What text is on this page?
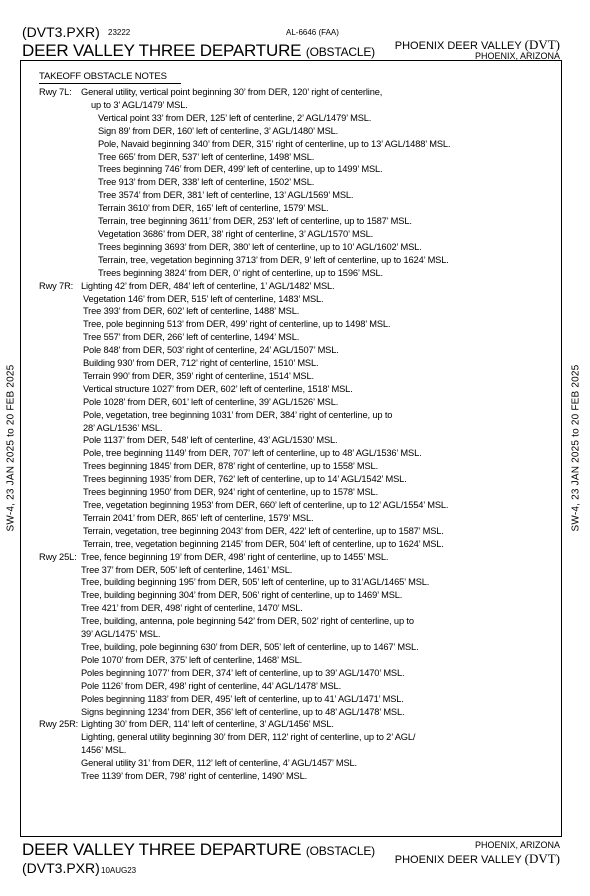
(DVT3.PXR) 23222	AL-6646 (FAA)
DEER VALLEY THREE DEPARTURE (OBSTACLE) PHOENIX DEER VALLEY (DVT)
PHOENIX, ARIZONA
SW-4, 23 JAN 2025 to 20 FEB 2025	SW-4, 23 JAN 2025 to 20 FEB 2025
TAKEOFF OBSTACLE NOTES
Rwy 7L:	General utility, vertical point beginning 30’ from DER, 120’ right of centerline,
up to 3’ AGL/1479’ MSL.
Vertical point 33’ from DER, 125’ left of centerline, 2’ AGL/1479’ MSL.
Sign 89’ from DER, 160’ left of centerline, 3’ AGL/1480’ MSL.
Pole, Navaid beginning 340’ from DER, 315’ right of centerline, up to 13’ AGL/1488’ MSL.
Tree 665’ from DER, 537’ left of centerline, 1498’ MSL.
Trees beginning 746’ from DER, 499’ left of centerline, up to 1499’ MSL.
Tree 913’ from DER, 338’ left of centerline, 1502’ MSL.
Tree 3574’ from DER, 381’ left of centerline, 13’ AGL/1569’ MSL.
Terrain 3610’ from DER, 165’ left of centerline, 1579’ MSL.
Terrain, tree beginning 3611’ from DER, 253’ left of centerline, up to 1587’ MSL.
Vegetation 3686’ from DER, 38’ right of centerline, 3’ AGL/1570’ MSL.
Trees beginning 3693’ from DER, 380’ left of centerline, up to 10’ AGL/1602’ MSL.
Terrain, tree, vegetation beginning 3713’ from DER, 9’ left of centerline, up to 1624’ MSL.
Trees beginning 3824’ from DER, 0’ right of centerline, up to 1596’ MSL.
Rwy 7R: Lighting 42’ from DER, 484’ left of centerline, 1’ AGL/1482’ MSL.
Vegetation 146’ from DER, 515’ left of centerline, 1483’ MSL.
Tree 393’ from DER, 602’ left of centerline, 1488’ MSL.
Tree, pole beginning 513’ from DER, 499’ right of centerline, up to 1498’ MSL.
Tree 557’ from DER, 266’ left of centerline, 1494’ MSL.
Pole 848’ from DER, 503’ right of centerline, 24’ AGL/1507’ MSL.
Building 930’ from DER, 712’ right of centerline, 1510’ MSL.
Terrain 990’ from DER, 359’ right of centerline, 1514’ MSL.
Vertical structure 1027’ from DER, 602’ left of centerline, 1518’ MSL.
Pole 1028’ from DER, 601’ left of centerline, 39’ AGL/1526’ MSL.
Pole, vegetation, tree beginning 1031’ from DER, 384’ right of centerline, up to
28’ AGL/1536’ MSL.
Pole 1137’ from DER, 548’ left of centerline, 43’ AGL/1530’ MSL.
Pole, tree beginning 1149’ from DER, 707’ left of centerline, up to 48’ AGL/1536’ MSL.
Trees beginning 1845’ from DER, 878’ right of centerline, up to 1558’ MSL.
Trees beginning 1935’ from DER, 762’ left of centerline, up to 14’ AGL/1542’ MSL.
Trees beginning 1950’ from DER, 924’ right of centerline, up to 1578’ MSL.
Tree, vegetation beginning 1953’ from DER, 660’ left of centerline, up to 12’ AGL/1554’ MSL.
Terrain 2041’ from DER, 865’ left of centerline, 1579’ MSL.
Terrain, vegetation, tree beginning 2043’ from DER, 422’ left of centerline, up to 1587’ MSL.
Terrain, tree, vegetation beginning 2145’ from DER, 504’ left of centerline, up to 1624’ MSL.
Rwy 25L: Tree, fence beginning 19’ from DER, 498’ right of centerline, up to 1455’ MSL.
Tree 37’ from DER, 505’ left of centerline, 1461’ MSL.
Tree, building beginning 195’ from DER, 505’ left of centerline, up to 31’AGL/1465’ MSL.
Tree, building beginning 304’ from DER, 506’ right of centerline, up to 1469’ MSL.
Tree 421’ from DER, 498’ right of centerline, 1470’ MSL.
Tree, building, antenna, pole beginning 542’ from DER, 502’ right of centerline, up to
39’ AGL/1475’ MSL.
Tree, building, pole beginning 630’ from DER, 505’ left of centerline, up to 1467’ MSL.
Pole 1070’ from DER, 375’ left of centerline, 1468’ MSL.
Poles beginning 1077’ from DER, 374’ left of centerline, up to 39’ AGL/1470’ MSL.
Pole 1126’ from DER, 498’ right of centerline, 44’ AGL/1478’ MSL.
Poles beginning 1183’ from DER, 495’ left of centerline, up to 41’ AGL/1471’ MSL.
Signs beginning 1234’ from DER, 356’ left of centerline, up to 48’ AGL/1478’ MSL.
Rwy 25R: Lighting 30’ from DER, 114’ left of centerline, 3’ AGL/1456’ MSL.
Lighting, general utility beginning 30’ from DER, 112’ right of centerline, up to 2’ AGL/
1456’ MSL.
General utility 31’ from DER, 112’ left of centerline, 4’ AGL/1457’ MSL.
Tree 1139’ from DER, 798’ right of centerline, 1490’ MSL.
DEER VALLEY THREE DEPARTURE (OBSTACLE)
(DVT3.PXR) 10AUG23
PHOENIX, ARIZONA
PHOENIX DEER VALLEY (DVT)
